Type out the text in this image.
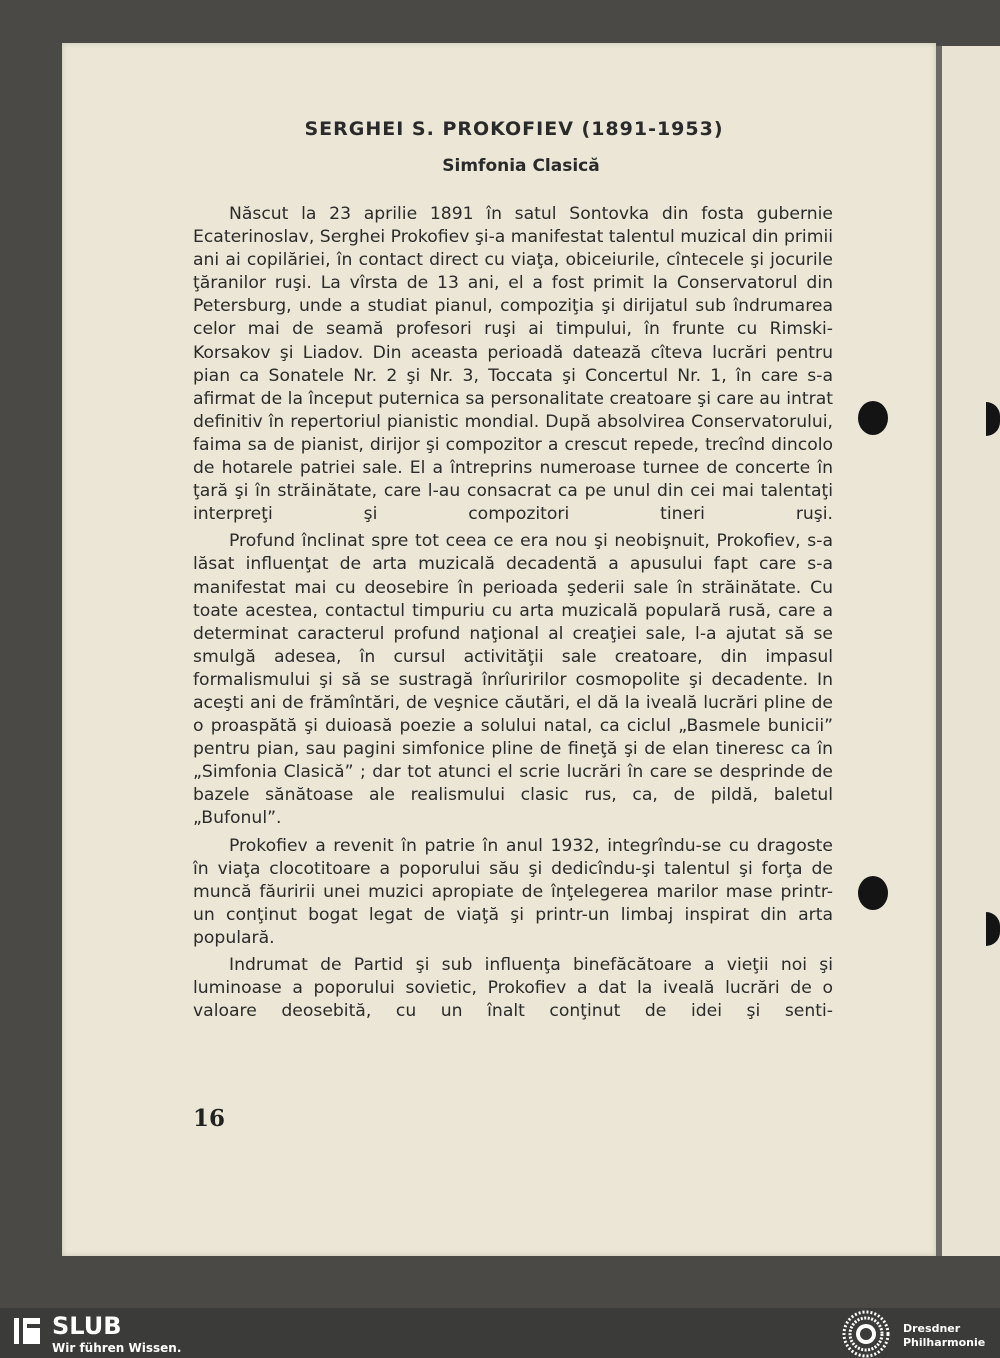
SERGHEI S. PROKOFIEV (1891-1953)
Simfonia Clasică

Născut la 23 aprilie 1891 în satul Sontovka din fosta gubernie Ecaterinoslav, Serghei Prokofiev şi-a manifestat talentul muzical din primii ani ai copilăriei, în contact direct cu viaţa, obiceiurile, cîntecele şi jocurile ţăranilor ruşi. La vîrsta de 13 ani, el a fost primit la Conservatorul din Petersburg, unde a studiat pianul, compoziţia şi dirijatul sub îndrumarea celor mai de seamă profesori ruşi ai timpului, în frunte cu Rimski-Korsakov şi Liadov. Din aceasta perioadă datează cîteva lucrări pentru pian ca Sonatele Nr. 2 şi Nr. 3, Toccata şi Concertul Nr. 1, în care s-a afirmat de la început puternica sa personalitate creatoare şi care au intrat definitiv în repertoriul pianistic mondial. După absolvirea Conservatorului, faima sa de pianist, dirijor şi compozitor a crescut repede, trecînd dincolo de hotarele patriei sale. El a întreprins numeroase turnee de concerte în ţară şi în străinătate, care l-au consacrat ca pe unul din cei mai talentaţi interpreţi şi compozitori tineri ruşi.

Profund înclinat spre tot ceea ce era nou şi neobişnuit, Prokofiev, s-a lăsat influenţat de arta muzicală decadentă a apusului fapt care s-a manifestat mai cu deosebire în perioada şederii sale în străinătate. Cu toate acestea, contactul timpuriu cu arta muzicală populară rusă, care a determinat caracterul profund naţional al creaţiei sale, l-a ajutat să se smulgă adesea, în cursul activităţii sale creatoare, din impasul formalismului şi să se sustragă înrîuririlor cosmopolite şi decadente. In aceşti ani de frămîntări, de veşnice căutări, el dă la iveală lucrări pline de o proaspătă şi duioasă poezie a solului natal, ca ciclul „Basmele bunicii” pentru pian, sau pagini simfonice pline de fineţă şi de elan tineresc ca în „Simfonia Clasică” ; dar tot atunci el scrie lucrări în care se desprinde de bazele sănătoase ale realismului clasic rus, ca, de pildă, baletul „Bufonul”.

Prokofiev a revenit în patrie în anul 1932, integrîndu-se cu dragoste în viaţa clocotitoare a poporului său şi dedicîndu-şi talentul şi forţa de muncă făuririi unei muzici apropiate de înţelegerea marilor mase printr-un conţinut bogat legat de viaţă şi printr-un limbaj inspirat din arta populară.

Indrumat de Partid şi sub influenţa binefăcătoare a vieţii noi şi luminoase a poporului sovietic, Prokofiev a dat la iveală lucrări de o valoare deosebită, cu un înalt conţinut de idei şi senti-

16
SLUB
Wir führen Wissen.
Dresdner
Philharmonie
